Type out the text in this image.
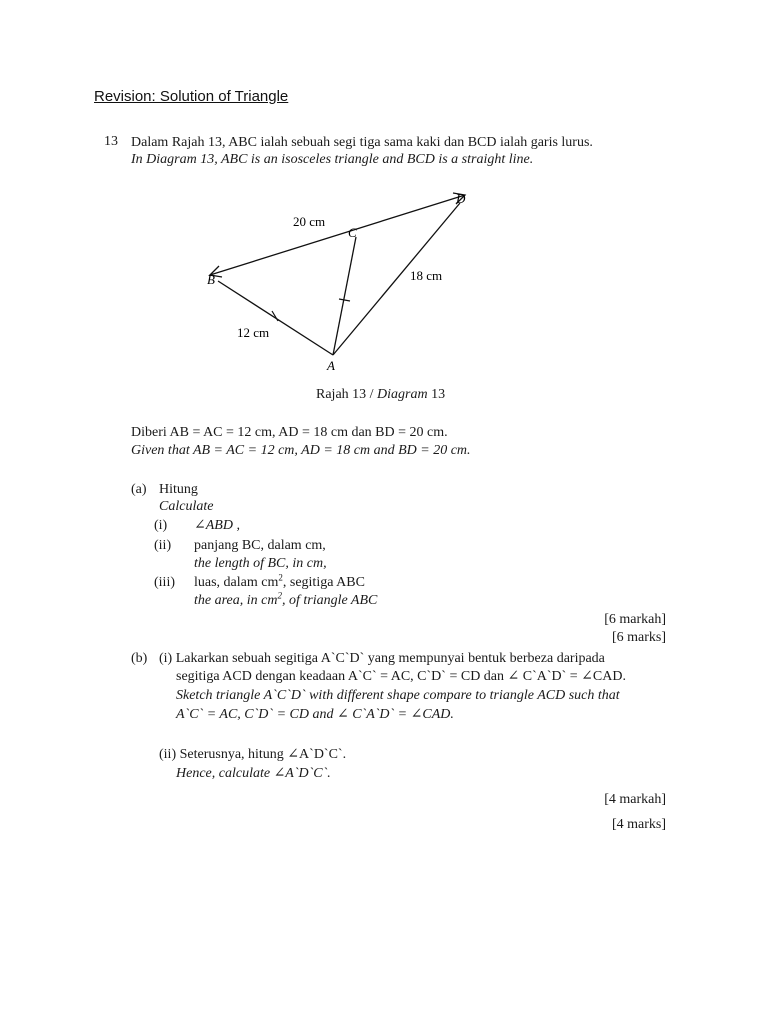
Revision: Solution of Triangle
13 Dalam Rajah 13, ABC ialah sebuah segi tiga sama kaki dan BCD ialah garis lurus.
In Diagram 13, ABC is an isosceles triangle and BCD is a straight line.
B
C
D
A
20 cm
18 cm
12 cm
Rajah 13 / Diagram 13
Diberi AB = AC = 12 cm, AD = 18 cm dan BD = 20 cm.
Given that AB = AC = 12 cm, AD = 18 cm and BD = 20 cm.
(a) Hitung
Calculate
(i) ∠ABD ,
(ii) panjang BC, dalam cm,
the length of BC, in cm,
(iii) luas, dalam $cm^2$, segitiga ABC
the area, in $cm^2$, of triangle ABC
[6 markah]
[6 marks]
(b) (i) Lakarkan sebuah segitiga A`C`D` yang mempunyai bentuk berbeza daripada
segitiga ACD dengan keadaan A`C` = AC, C`D` = CD dan ∠ C`A`D` = ∠CAD.
Sketch triangle A`C`D` with different shape compare to triangle ACD such that
A`C` = AC, C`D` = CD and ∠ C`A`D` = ∠CAD.
(ii) Seterusnya, hitung ∠A`D`C`.
Hence, calculate ∠A`D`C`.
[4 markah]
[4 marks]
